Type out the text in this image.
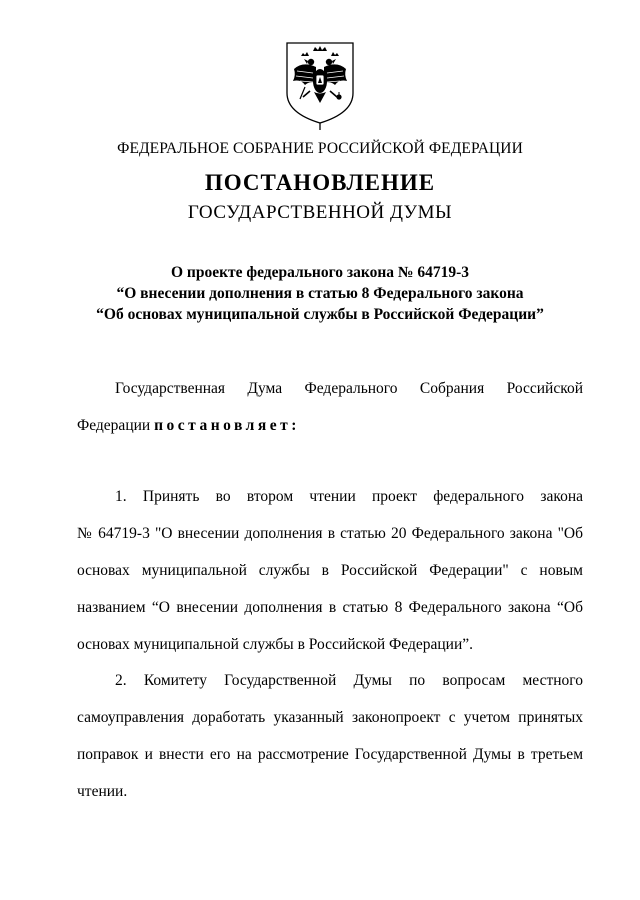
ФЕДЕРАЛЬНОЕ СОБРАНИЕ РОССИЙСКОЙ ФЕДЕРАЦИИ
ПОСТАНОВЛЕНИЕ
ГОСУДАРСТВЕННОЙ ДУМЫ
О проекте федерального закона № 64719-3
“О внесении дополнения в статью 8 Федерального закона
“Об основах муниципальной службы в Российской Федерации”
Государственная Дума Федерального Собрания Российской
Федерации постановляет:
1. Принять во втором чтении проект федерального закона
№ 64719-3 "О внесении дополнения в статью 20 Федерального закона "Об
основах муниципальной службы в Российской Федерации" с новым
названием “О внесении дополнения в статью 8 Федерального закона “Об
основах муниципальной службы в Российской Федерации”.
2. Комитету Государственной Думы по вопросам местного
самоуправления доработать указанный законопроект с учетом принятых
поправок и внести его на рассмотрение Государственной Думы в третьем
чтении.
